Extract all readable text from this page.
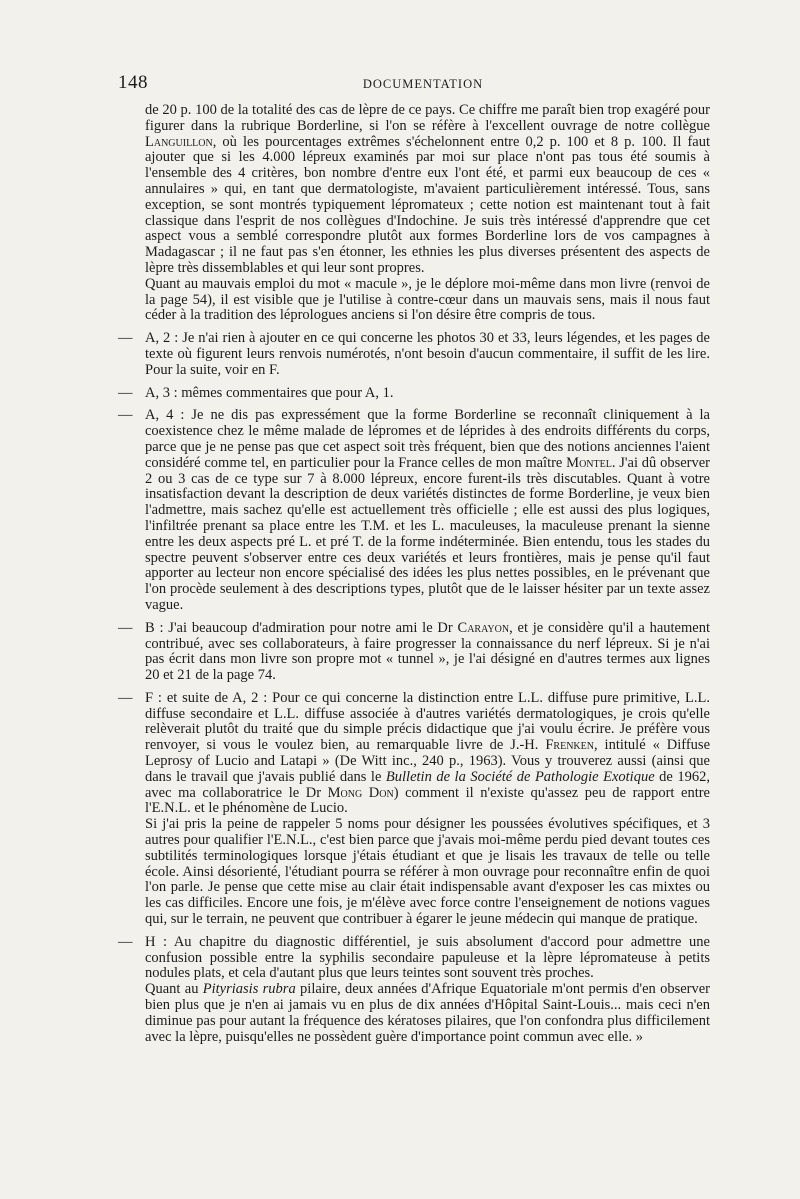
148	DOCUMENTATION

de 20 p. 100 de la totalité des cas de lèpre de ce pays. Ce chiffre me paraît bien trop exagéré pour figurer dans la rubrique Borderline, si l'on se réfère à l'excellent ouvrage de notre collègue Languillon, où les pourcentages extrêmes s'échelonnent entre 0,2 p. 100 et 8 p. 100. Il faut ajouter que si les 4.000 lépreux examinés par moi sur place n'ont pas tous été soumis à l'ensemble des 4 critères, bon nombre d'entre eux l'ont été, et parmi eux beaucoup de ces « annulaires » qui, en tant que dermatologiste, m'avaient particulièrement intéressé. Tous, sans exception, se sont montrés typiquement lépromateux ; cette notion est maintenant tout à fait classique dans l'esprit de nos collègues d'Indochine. Je suis très intéressé d'apprendre que cet aspect vous a semblé correspondre plutôt aux formes Borderline lors de vos campagnes à Madagascar ; il ne faut pas s'en étonner, les ethnies les plus diverses présentent des aspects de lèpre très dissemblables et qui leur sont propres.

Quant au mauvais emploi du mot « macule », je le déplore moi-même dans mon livre (renvoi de la page 54), il est visible que je l'utilise à contre-cœur dans un mauvais sens, mais il nous faut céder à la tradition des léprologues anciens si l'on désire être compris de tous.

— A, 2 : Je n'ai rien à ajouter en ce qui concerne les photos 30 et 33, leurs légendes, et les pages de texte où figurent leurs renvois numérotés, n'ont besoin d'aucun commentaire, il suffit de les lire. Pour la suite, voir en F.

— A, 3 : mêmes commentaires que pour A, 1.

— A, 4 : Je ne dis pas expressément que la forme Borderline se reconnaît cliniquement à la coexistence chez le même malade de lépromes et de léprides à des endroits différents du corps, parce que je ne pense pas que cet aspect soit très fréquent, bien que des notions anciennes l'aient considéré comme tel, en particulier pour la France celles de mon maître Montel. J'ai dû observer 2 ou 3 cas de ce type sur 7 à 8.000 lépreux, encore furent-ils très discutables. Quant à votre insatisfaction devant la description de deux variétés distinctes de forme Borderline, je veux bien l'admettre, mais sachez qu'elle est actuellement très officielle ; elle est aussi des plus logiques, l'infiltrée prenant sa place entre les T.M. et les L. maculeuses, la maculeuse prenant la sienne entre les deux aspects pré L. et pré T. de la forme indéterminée. Bien entendu, tous les stades du spectre peuvent s'observer entre ces deux variétés et leurs frontières, mais je pense qu'il faut apporter au lecteur non encore spécialisé des idées les plus nettes possibles, en le prévenant que l'on procède seulement à des descriptions types, plutôt que de le laisser hésiter par un texte assez vague.

— B : J'ai beaucoup d'admiration pour notre ami le Dr Carayon, et je considère qu'il a hautement contribué, avec ses collaborateurs, à faire progresser la connaissance du nerf lépreux. Si je n'ai pas écrit dans mon livre son propre mot « tunnel », je l'ai désigné en d'autres termes aux lignes 20 et 21 de la page 74.

— F : et suite de A, 2 : Pour ce qui concerne la distinction entre L.L. diffuse pure primitive, L.L. diffuse secondaire et L.L. diffuse associée à d'autres variétés dermatologiques, je crois qu'elle relèverait plutôt du traité que du simple précis didactique que j'ai voulu écrire. Je préfère vous renvoyer, si vous le voulez bien, au remarquable livre de J.-H. Frenken, intitulé « Diffuse Leprosy of Lucio and Latapi » (De Witt inc., 240 p., 1963). Vous y trouverez aussi (ainsi que dans le travail que j'avais publié dans le Bulletin de la Société de Pathologie Exotique de 1962, avec ma collaboratrice le Dr Mong Don) comment il n'existe qu'assez peu de rapport entre l'E.N.L. et le phénomène de Lucio.

Si j'ai pris la peine de rappeler 5 noms pour désigner les poussées évolutives spécifiques, et 3 autres pour qualifier l'E.N.L., c'est bien parce que j'avais moi-même perdu pied devant toutes ces subtilités terminologiques lorsque j'étais étudiant et que je lisais les travaux de telle ou telle école. Ainsi désorienté, l'étudiant pourra se référer à mon ouvrage pour reconnaître enfin de quoi l'on parle. Je pense que cette mise au clair était indispensable avant d'exposer les cas mixtes ou les cas difficiles. Encore une fois, je m'élève avec force contre l'enseignement de notions vagues qui, sur le terrain, ne peuvent que contribuer à égarer le jeune médecin qui manque de pratique.

— H : Au chapitre du diagnostic différentiel, je suis absolument d'accord pour admettre une confusion possible entre la syphilis secondaire papuleuse et la lèpre lépromateuse à petits nodules plats, et cela d'autant plus que leurs teintes sont souvent très proches.

Quant au Pityriasis rubra pilaire, deux années d'Afrique Equatoriale m'ont permis d'en observer bien plus que je n'en ai jamais vu en plus de dix années d'Hôpital Saint-Louis... mais ceci n'en diminue pas pour autant la fréquence des kératoses pilaires, que l'on confondra plus difficilement avec la lèpre, puisqu'elles ne possèdent guère d'importance point commun avec elle. »
